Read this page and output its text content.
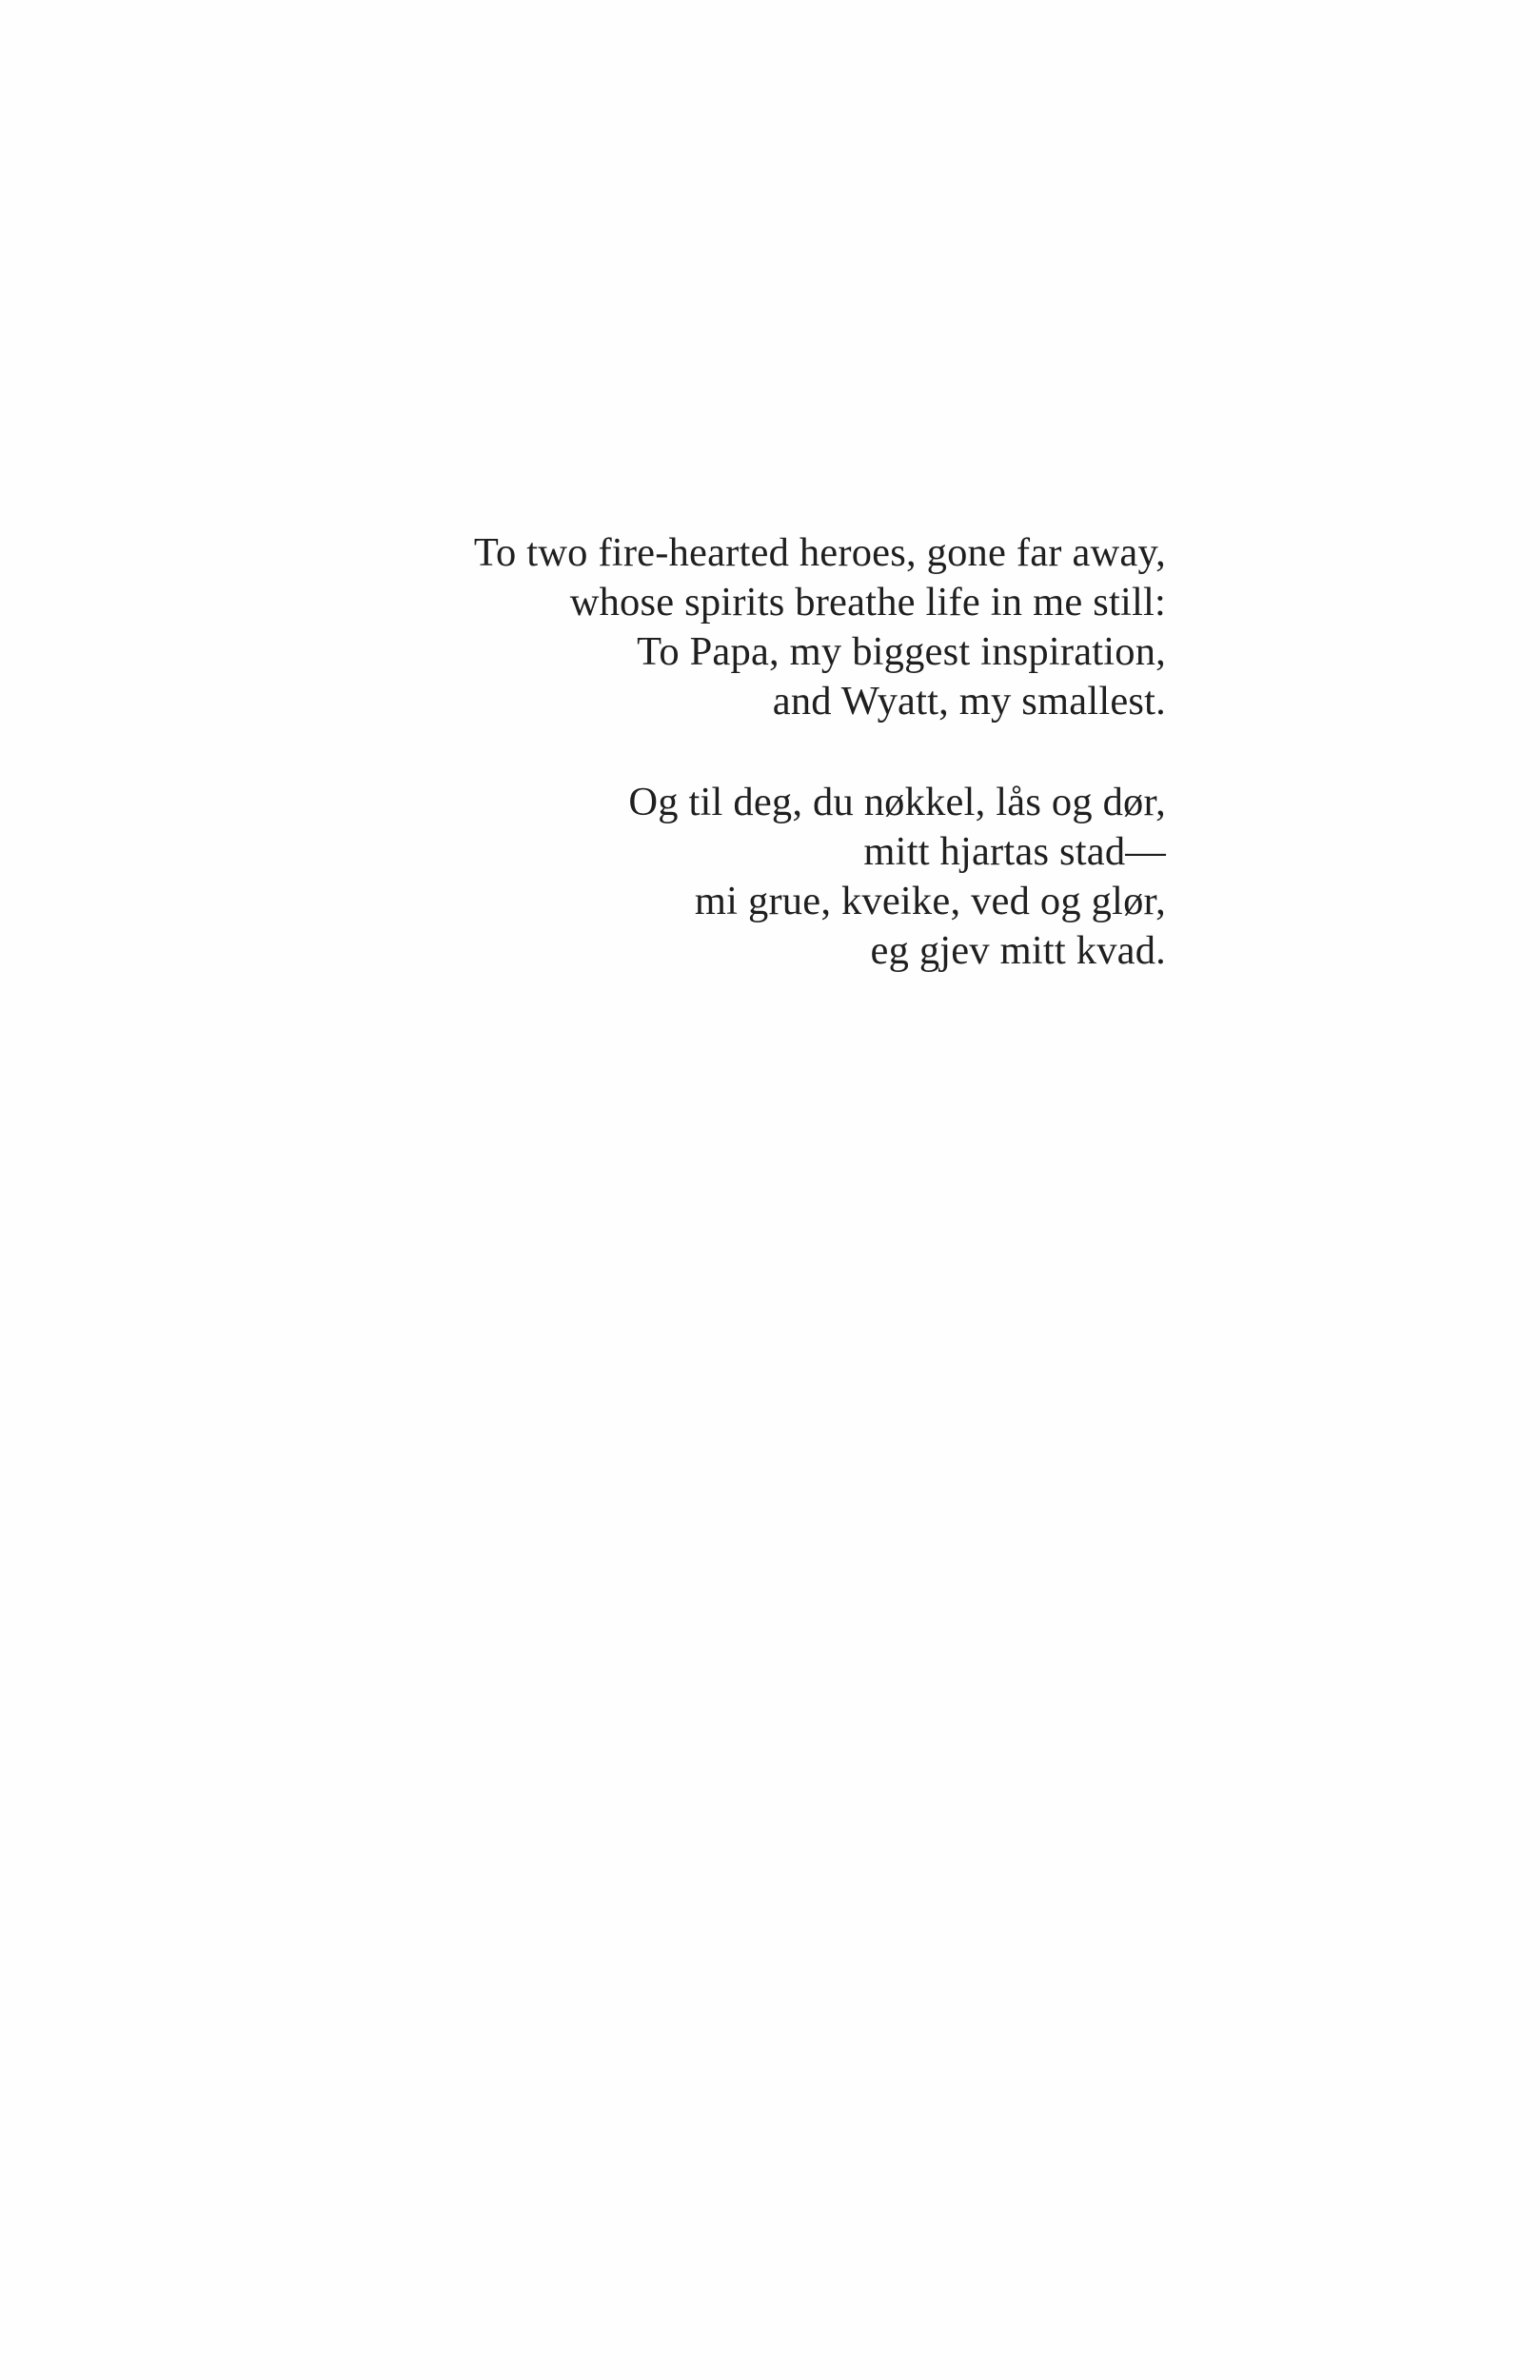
To two fire-hearted heroes, gone far away,
whose spirits breathe life in me still:
To Papa, my biggest inspiration,
and Wyatt, my smallest.

Og til deg, du nøkkel, lås og dør,
mitt hjartas stad—
mi grue, kveike, ved og glør,
eg gjev mitt kvad.
